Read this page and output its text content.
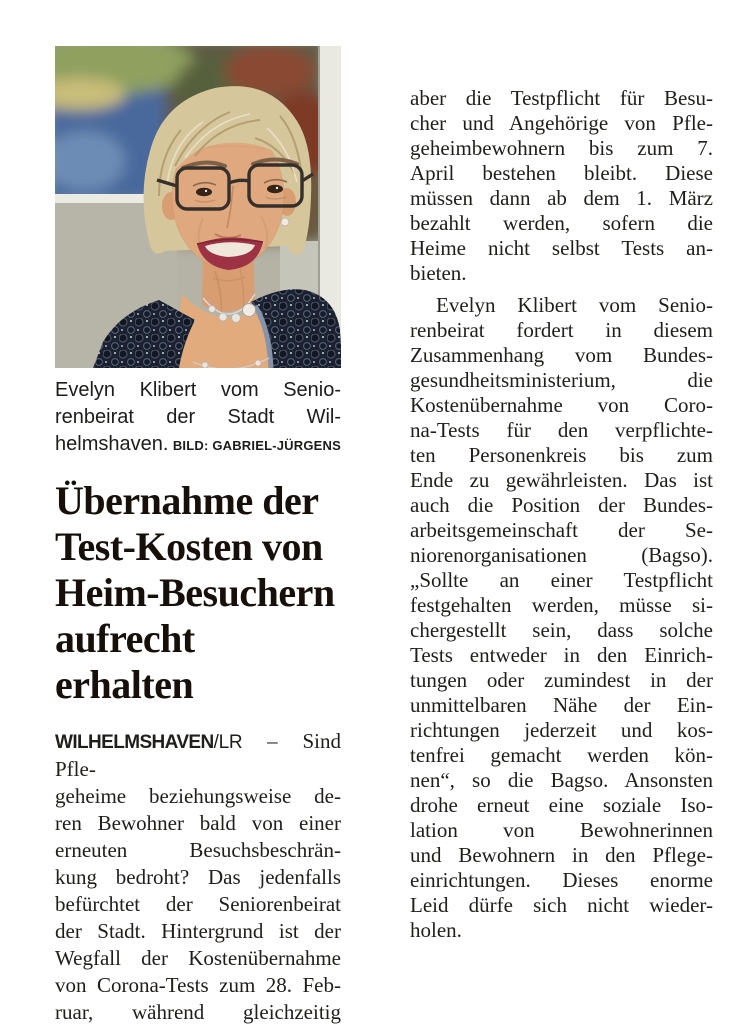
Evelyn Klibert vom Senio-
renbeirat der Stadt Wil-
helmshaven. BILD: GABRIEL-JÜRGENS
Übernahme der
Test-Kosten von
Heim-Besuchern
aufrecht erhalten
WILHELMSHAVEN/LR – Sind Pfle-
geheime beziehungsweise de-
ren Bewohner bald von einer
erneuten Besuchsbeschrän-
kung bedroht? Das jedenfalls
befürchtet der Seniorenbeirat
der Stadt. Hintergrund ist der
Wegfall der Kostenübernahme
von Corona-Tests zum 28. Feb-
ruar, während gleichzeitig
aber die Testpflicht für Besu-
cher und Angehörige von Pfle-
geheimbewohnern bis zum 7.
April bestehen bleibt. Diese
müssen dann ab dem 1. März
bezahlt werden, sofern die
Heime nicht selbst Tests an-
bieten.
Evelyn Klibert vom Senio-
renbeirat fordert in diesem
Zusammenhang vom Bundes-
gesundheitsministerium, die
Kostenübernahme von Coro-
na-Tests für den verpflichte-
ten Personenkreis bis zum
Ende zu gewährleisten. Das ist
auch die Position der Bundes-
arbeitsgemeinschaft der Se-
niorenorganisationen (Bagso).
„Sollte an einer Testpflicht
festgehalten werden, müsse si-
chergestellt sein, dass solche
Tests entweder in den Einrich-
tungen oder zumindest in der
unmittelbaren Nähe der Ein-
richtungen jederzeit und kos-
tenfrei gemacht werden kön-
nen“, so die Bagso. Ansonsten
drohe erneut eine soziale Iso-
lation von Bewohnerinnen
und Bewohnern in den Pflege-
einrichtungen. Dieses enorme
Leid dürfe sich nicht wieder-
holen.
